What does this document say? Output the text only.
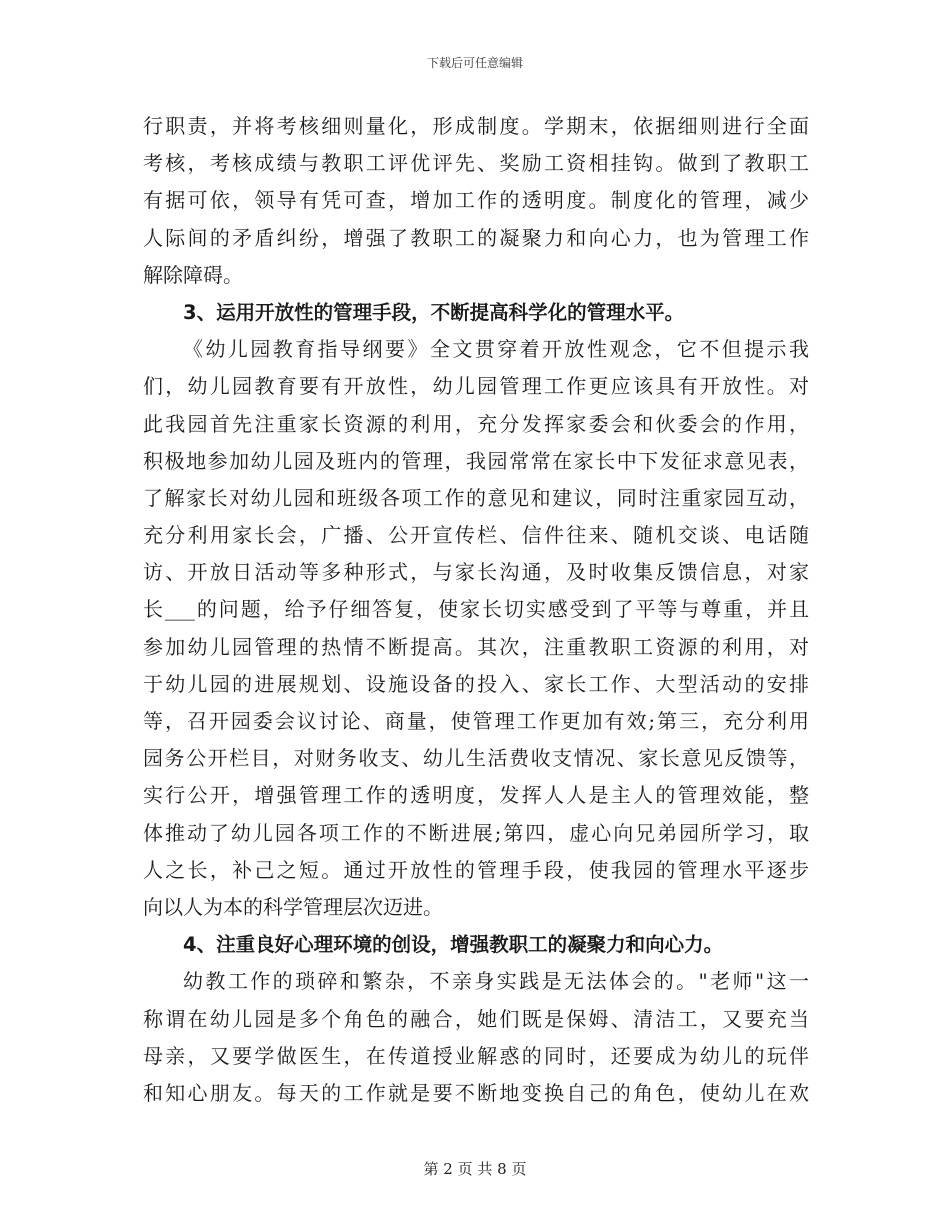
下载后可任意编辑
行职责，并将考核细则量化，形成制度。学期末，依据细则进行全面
考核，考核成绩与教职工评优评先、奖励工资相挂钩。做到了教职工
有据可依，领导有凭可查，增加工作的透明度。制度化的管理，减少
人际间的矛盾纠纷，增强了教职工的凝聚力和向心力，也为管理工作
解除障碍。
3、运用开放性的管理手段，不断提高科学化的管理水平。
《幼儿园教育指导纲要》全文贯穿着开放性观念，它不但提示我
们，幼儿园教育要有开放性，幼儿园管理工作更应该具有开放性。对
此我园首先注重家长资源的利用，充分发挥家委会和伙委会的作用，
积极地参加幼儿园及班内的管理，我园常常在家长中下发征求意见表，
了解家长对幼儿园和班级各项工作的意见和建议，同时注重家园互动，
充分利用家长会，广播、公开宣传栏、信件往来、随机交谈、电话随
访、开放日活动等多种形式，与家长沟通，及时收集反馈信息，对家
长___的问题，给予仔细答复，使家长切实感受到了平等与尊重，并且
参加幼儿园管理的热情不断提高。其次，注重教职工资源的利用，对
于幼儿园的进展规划、设施设备的投入、家长工作、大型活动的安排
等，召开园委会议讨论、商量，使管理工作更加有效;第三，充分利用
园务公开栏目，对财务收支、幼儿生活费收支情况、家长意见反馈等，
实行公开，增强管理工作的透明度，发挥人人是主人的管理效能，整
体推动了幼儿园各项工作的不断进展;第四，虚心向兄弟园所学习，取
人之长，补己之短。通过开放性的管理手段，使我园的管理水平逐步
向以人为本的科学管理层次迈进。
4、注重良好心理环境的创设，增强教职工的凝聚力和向心力。
幼教工作的琐碎和繁杂，不亲身实践是无法体会的。"老师"这一
称谓在幼儿园是多个角色的融合，她们既是保姆、清洁工，又要充当
母亲，又要学做医生，在传道授业解惑的同时，还要成为幼儿的玩伴
和知心朋友。每天的工作就是要不断地变换自己的角色，使幼儿在欢
第 2 页 共 8 页
